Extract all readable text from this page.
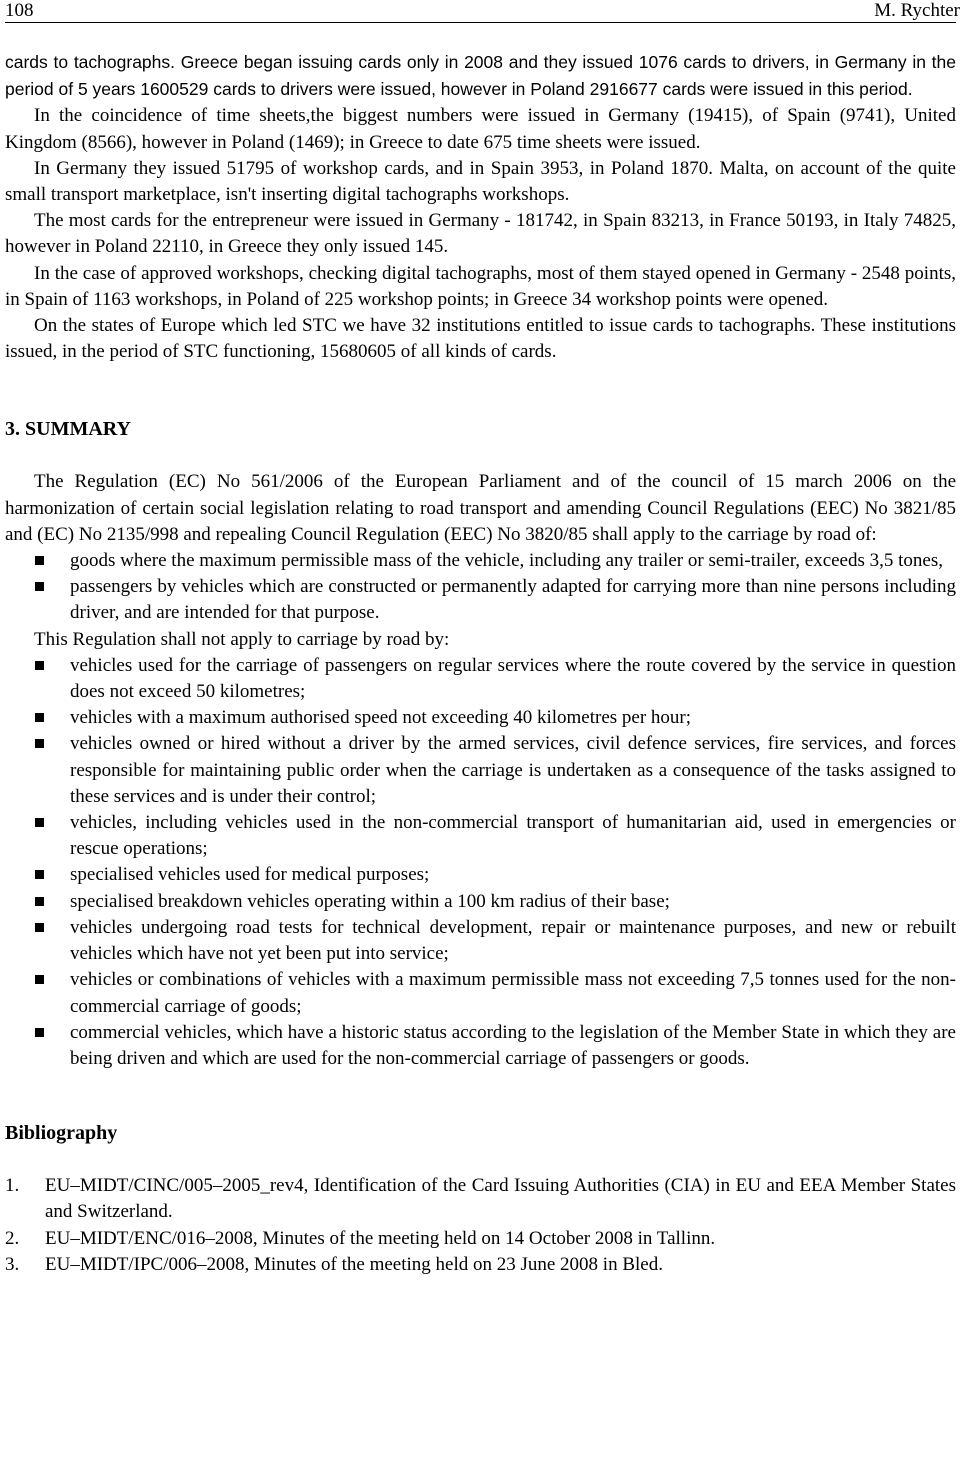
108	M. Rychter

cards to tachographs. Greece began issuing cards only in 2008 and they issued 1076 cards to drivers, in Germany in the period of 5 years 1600529 cards to drivers were issued, however in Poland 2916677 cards were issued in this period.

In the coincidence of time sheets,the biggest numbers were issued in Germany (19415), of Spain (9741), United Kingdom (8566), however in Poland (1469); in Greece to date 675 time sheets were issued.

In Germany they issued 51795 of workshop cards, and in Spain 3953, in Poland 1870. Malta, on account of the quite small transport marketplace, isn't inserting digital tachographs workshops.

The most cards for the entrepreneur were issued in Germany - 181742, in Spain 83213, in France 50193, in Italy 74825, however in Poland 22110, in Greece they only issued 145.

In the case of approved workshops, checking digital tachographs, most of them stayed opened in Germany - 2548 points, in Spain of 1163 workshops, in Poland of 225 workshop points; in Greece 34 workshop points were opened.

On the states of Europe which led STC we have 32 institutions entitled to issue cards to tachographs. These institutions issued, in the period of STC functioning, 15680605 of all kinds of cards.

3. SUMMARY

The Regulation (EC) No 561/2006 of the European Parliament and of the council of 15 march 2006 on the harmonization of certain social legislation relating to road transport and amending Council Regulations (EEC) No 3821/85 and (EC) No 2135/998 and repealing Council Regulation (EEC) No 3820/85 shall apply to the carriage by road of:

goods where the maximum permissible mass of the vehicle, including any trailer or semi-trailer, exceeds 3,5 tones,
passengers by vehicles which are constructed or permanently adapted for carrying more than nine persons including driver, and are intended for that purpose.

This Regulation shall not apply to carriage by road by:

vehicles used for the carriage of passengers on regular services where the route covered by the service in question does not exceed 50 kilometres;
vehicles with a maximum authorised speed not exceeding 40 kilometres per hour;
vehicles owned or hired without a driver by the armed services, civil defence services, fire services, and forces responsible for maintaining public order when the carriage is undertaken as a consequence of the tasks assigned to these services and is under their control;
vehicles, including vehicles used in the non-commercial transport of humanitarian aid, used in emergencies or rescue operations;
specialised vehicles used for medical purposes;
specialised breakdown vehicles operating within a 100 km radius of their base;
vehicles undergoing road tests for technical development, repair or maintenance purposes, and new or rebuilt vehicles which have not yet been put into service;
vehicles or combinations of vehicles with a maximum permissible mass not exceeding 7,5 tonnes used for the non-commercial carriage of goods;
commercial vehicles, which have a historic status according to the legislation of the Member State in which they are being driven and which are used for the non-commercial carriage of passengers or goods.
Bibliography
1. EU–MIDT/CINC/005–2005_rev4, Identification of the Card Issuing Authorities (CIA) in EU and EEA Member States and Switzerland.
2. EU–MIDT/ENC/016–2008, Minutes of the meeting held on 14 October 2008 in Tallinn.
3. EU–MIDT/IPC/006–2008, Minutes of the meeting held on 23 June 2008 in Bled.
